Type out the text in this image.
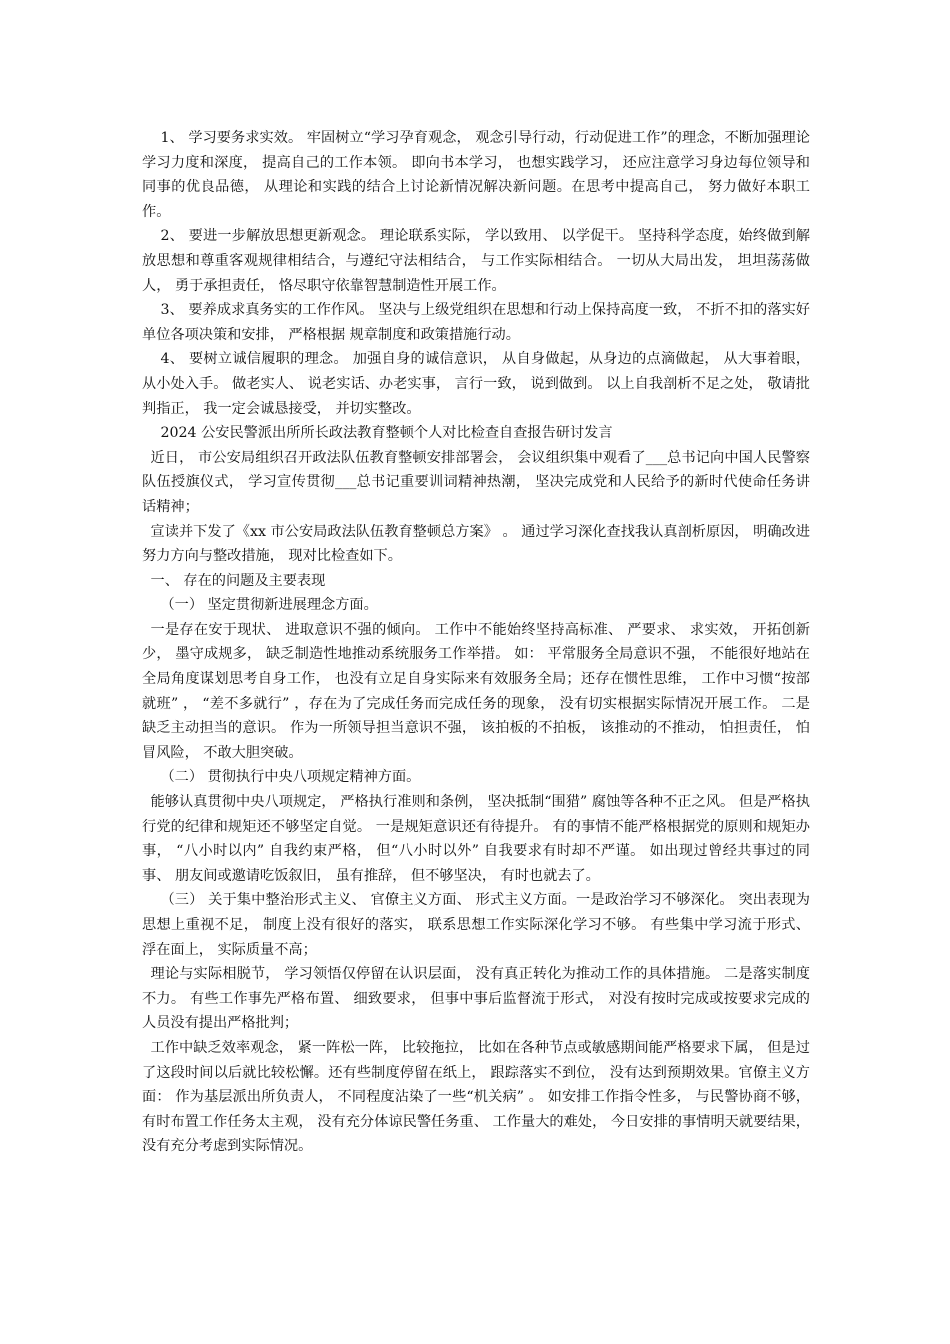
1、 学习要务求实效。 牢固树立“学习孕育观念， 观念引导行动，行动促进工作”的理念，不断加强理论学习力度和深度， 提高自己的工作本领。 即向书本学习， 也想实践学习， 还应注意学习身边每位领导和同事的优良品德， 从理论和实践的结合上讨论新情况解决新问题。在思考中提高自己， 努力做好本职工作。

2、 要进一步解放思想更新观念。 理论联系实际， 学以致用、 以学促干。 坚持科学态度，始终做到解放思想和尊重客观规律相结合，与遵纪守法相结合， 与工作实际相结合。 一切从大局出发， 坦坦荡荡做人， 勇于承担责任， 恪尽职守依靠智慧制造性开展工作。

3、 要养成求真务实的工作作风。 坚决与上级党组织在思想和行动上保持高度一致， 不折不扣的落实好单位各项决策和安排， 严格根据 规章制度和政策措施行动。

4、 要树立诚信履职的理念。 加强自身的诚信意识， 从自身做起，从身边的点滴做起， 从大事着眼， 从小处入手。 做老实人、 说老实话、办老实事， 言行一致， 说到做到。 以上自我剖析不足之处， 敬请批判指正， 我一定会诚恳接受， 并切实整改。

2024 公安民警派出所所长政法教育整顿个人对比检查自查报告研讨发言

近日， 市公安局组织召开政法队伍教育整顿安排部署会， 会议组织集中观看了___总书记向中国人民警察队伍授旗仪式， 学习宣传贯彻___总书记重要训词精神热潮， 坚决完成党和人民给予的新时代使命任务讲话精神；

宣读并下发了《xx 市公安局政法队伍教育整顿总方案》 。 通过学习深化查找我认真剖析原因， 明确改进努力方向与整改措施， 现对比检查如下。

一、 存在的问题及主要表现

（一） 坚定贯彻新进展理念方面。

一是存在安于现状、 进取意识不强的倾向。 工作中不能始终坚持高标准、 严要求、 求实效， 开拓创新少， 墨守成规多， 缺乏制造性地推动系统服务工作举措。 如： 平常服务全局意识不强， 不能很好地站在全局角度谋划思考自身工作， 也没有立足自身实际来有效服务全局；还存在惯性思维， 工作中习惯“按部就班” ， “差不多就行” ，存在为了完成任务而完成任务的现象， 没有切实根据实际情况开展工作。 二是缺乏主动担当的意识。 作为一所领导担当意识不强， 该拍板的不拍板， 该推动的不推动， 怕担责任， 怕冒风险， 不敢大胆突破。

（二） 贯彻执行中央八项规定精神方面。

能够认真贯彻中央八项规定， 严格执行准则和条例， 坚决抵制“围猎” 腐蚀等各种不正之风。 但是严格执行党的纪律和规矩还不够坚定自觉。 一是规矩意识还有待提升。 有的事情不能严格根据党的原则和规矩办事， “八小时以内” 自我约束严格， 但“八小时以外” 自我要求有时却不严谨。 如出现过曾经共事过的同事、 朋友间或邀请吃饭叙旧， 虽有推辞， 但不够坚决， 有时也就去了。

（三） 关于集中整治形式主义、 官僚主义方面、 形式主义方面。一是政治学习不够深化。 突出表现为思想上重视不足， 制度上没有很好的落实， 联系思想工作实际深化学习不够。 有些集中学习流于形式、 浮在面上， 实际质量不高；

理论与实际相脱节， 学习领悟仅停留在认识层面， 没有真正转化为推动工作的具体措施。 二是落实制度不力。 有些工作事先严格布置、 细致要求， 但事中事后监督流于形式， 对没有按时完成或按要求完成的人员没有提出严格批判；

工作中缺乏效率观念， 紧一阵松一阵， 比较拖拉， 比如在各种节点或敏感期间能严格要求下属， 但是过了这段时间以后就比较松懈。还有些制度停留在纸上， 跟踪落实不到位， 没有达到预期效果。官僚主义方面： 作为基层派出所负责人， 不同程度沾染了一些“机关病” 。 如安排工作指令性多， 与民警协商不够， 有时布置工作任务太主观， 没有充分体谅民警任务重、 工作量大的难处， 今日安排的事情明天就要结果， 没有充分考虑到实际情况。
